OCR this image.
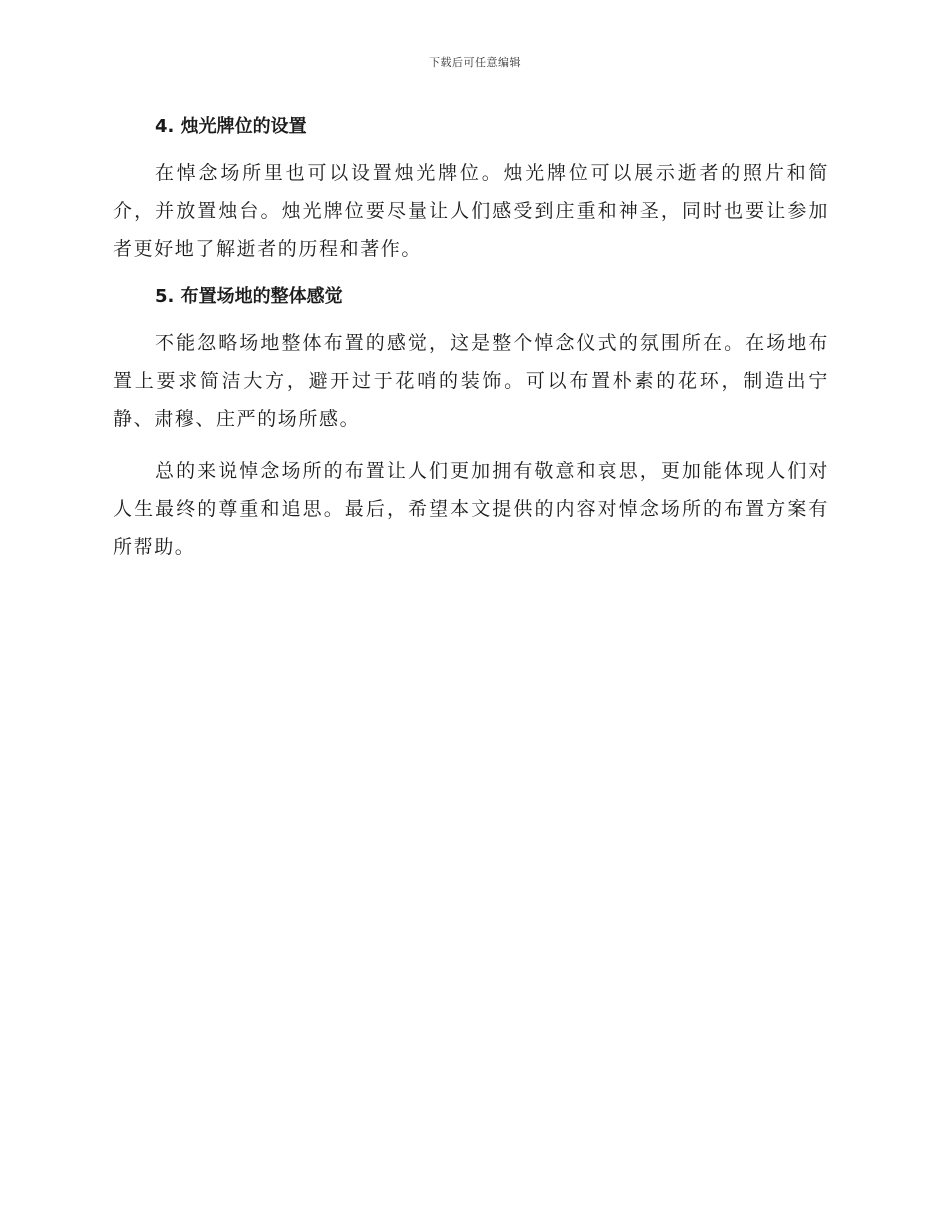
下载后可任意编辑
4. 烛光牌位的设置

在悼念场所里也可以设置烛光牌位。烛光牌位可以展示逝者的照片和简介，并放置烛台。烛光牌位要尽量让人们感受到庄重和神圣，同时也要让参加者更好地了解逝者的历程和著作。

5. 布置场地的整体感觉

不能忽略场地整体布置的感觉，这是整个悼念仪式的氛围所在。在场地布置上要求简洁大方，避开过于花哨的装饰。可以布置朴素的花环，制造出宁静、肃穆、庄严的场所感。

总的来说悼念场所的布置让人们更加拥有敬意和哀思，更加能体现人们对人生最终的尊重和追思。最后，希望本文提供的内容对悼念场所的布置方案有所帮助。
